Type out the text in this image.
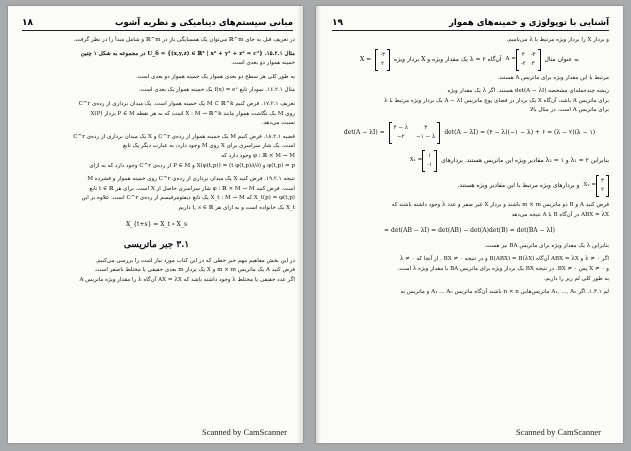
۱۸	مبانی سیستم‌های دینامیکی و نظریه آشوب
در تعریف قبل به جای ℝ^m می‌توان یک همسایگی باز در ℝ^m و شامل مبدأ را در نظر گرفت.
مثال ۱۵.۲.۱. U_δ = {(x,y,z) ∈ ℝ³ | x² + y² + z² = c²} در مجموعه به شکل ۱ چنین
خمینه هموار دو بعدی است.
به طور کلی هر سطح دو بعدی هموار یک خمینه هموار دو بعدی است.
مثال ۱۶.۲.۱. نمودار تابع f(x) = eˣ یک خمینه هموار یک بعدی است.
تعریف ۱۷.۲.۱. فرض کنیم M ⊂ ℝ^k یک خمینه هموار است. یک میدان برداری از رده‌ی C^r
روی M یک نگاشت هموار مانند X : M → ℝ^k است که به هر نقطه P ∈ M بردار X(P)
نسبت می‌دهد.
قضیه ۱۸.۲.۱. فرض کنیم M یک خمینه هموار از رده‌ی C^r و X یک میدان برداری از رده‌ی C^r
است. یک شار سراسری برای X روی M وجود دارد، به عبارت دیگر یک تابع
φ : ℝ × M → M وجود دارد که
φ(t,p) = p و (∂/∂t φ(t,p)) = X(φ(t,p)) و P ∈ M از رده‌ی C^r وجود دارد که به ازای
نتیجه ۱۹.۲.۱. فرض کنید X یک میدان برداری از رده‌ی C^r روی خمینه هموار و فشرده M
است. فرض کنید φ : ℝ × M → M شار سراسری حاصل از X است. برای هر t ∈ ℝ تابع
X_t(p) = φ(t,p) که X_t : M → M یک تابع دیفئومرفیسم از رده‌ی C^r است. علاوه بر این
X_t یک خانواده است و به ازای هر t, s ∈ ℝ داریم
X_{t+s} = X_t ∘ X_s
۳.۱ جبر ماتریسی
در این بخش مفاهیم مهم جبر خطی که در این کتاب مورد نیاز است را بررسی می‌کنیم.
فرض کنید A یک ماتریس m × m و X یک بردار m بعدی حقیقی یا مختلط ناصفر است.
اگر عدد حقیقی یا مختلط λ وجود داشته باشد که AX = λX آن‌گاه λ را مقدار ویژه ماتریس A
Scanned by CamScanner
۱۹	آشنایی با توپولوژی و خمینه‌های هموار
و بردار X را بردار ویژه مرتبط با λ می‌نامیم.
X =
-۳
۲
آن‌گاه λ = ۲ یک مقدار ویژه و X بردار ویژه A =
۴ -۳
-۲ ۳
به عنوان مثال
مرتبط با این مقدار ویژه برای ماتریس A هستند.
ریشه چندجمله‌ای مشخصه det(A − λI) هستند. اگر λ یک مقدار ویژه
برای ماتریس A باشد، آن‌گاه X یک بردار در فضای پوچ ماتریس A − λI یک بردار ویژه مرتبط با λ
برای ماتریس A است. در مثال بالا
det(A − λI) =
۴ − λ	۳
−۲	−۱ − λ
det(A − λI) = (۴ − λ)(−۱ − λ) + ۶ = (λ − ۲)(λ − ۱)
X₁ =
۱
-۱
بنابراین λ₁ = ۲ و λ₂ = ۱ مقادیر ویژه این ماتریس هستند. بردارهای
و بردارهای ویژه مرتبط با این مقادیر ویژه هستند. X₂ =
۳
۲
فرض کنید A و B دو ماتریس m × m باشند و بردار X غیر صفر و عدد λ وجود داشته باشند که
ABX = λX در آن‌گاه B با A نتیجه می‌دهد
= det(AB − λI) = det(AB) − det(A)det(B) = det(BA − λI)
بنابراین λ یک مقدار ویژه برای ماتریس BA نیز هست.
اگر λ ≠ ۰ و ABX = λX آن‌گاه B(ABX) = B(λX) و در نتیجه BX ≠ ۰ . از آنجا که λ ≠ ۰
و X ≠ ۰ پس BX ≠ ۰. در نتیجه BX یک بردار ویژه برای ماتریس BA با مقدار ویژه λ است.
به طور کلی لم زیر را داریم.
لم ۱.۳.۱. اگر A₁, ..., Aₙ ماتریس‌هایی n × n باشند آن‌گاه ماتریس A₁ ... Aₙ و ماتریس به
Scanned by CamScanner
